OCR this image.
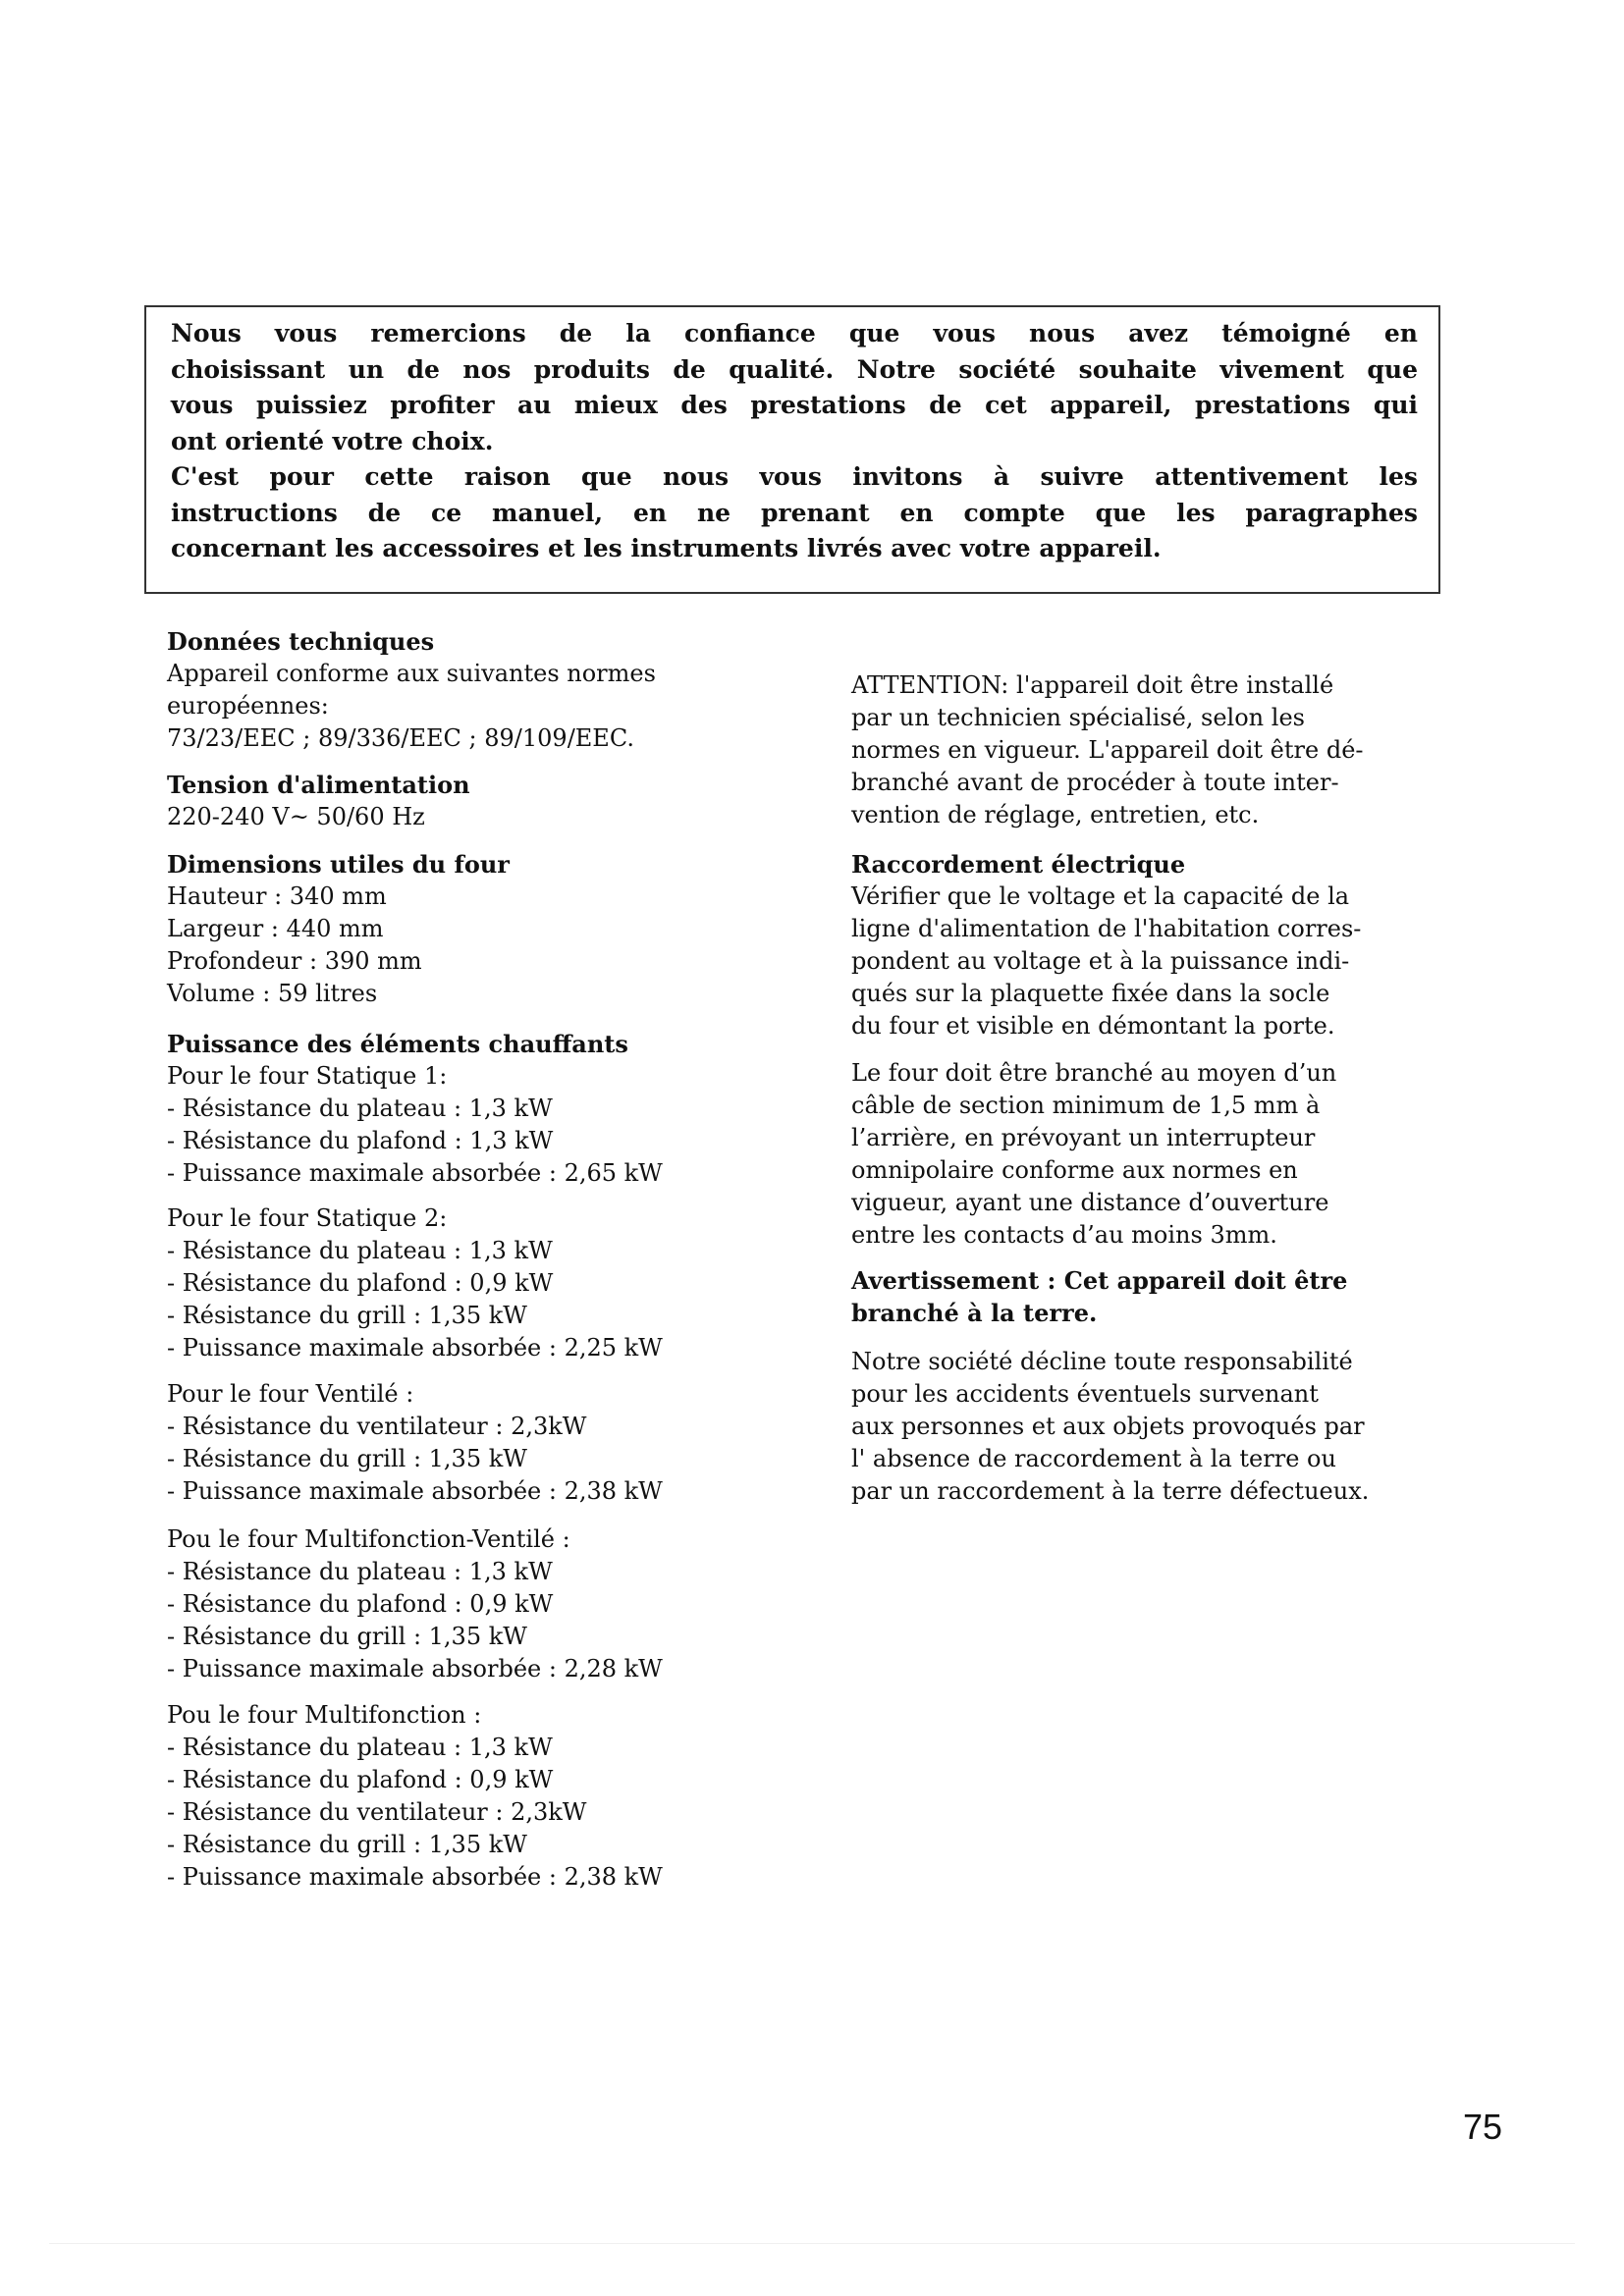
Nous vous remercions de la confiance que vous nous avez témoigné en
choisissant un de nos produits de qualité. Notre société souhaite vivement que
vous puissiez profiter au mieux des prestations de cet appareil, prestations qui
ont orienté votre choix.
C'est pour cette raison que nous vous invitons à suivre attentivement les
instructions de ce manuel, en ne prenant en compte que les paragraphes
concernant les accessoires et les instruments livrés avec votre appareil.
Données techniques
Appareil conforme aux suivantes normes
européennes:
73/23/EEC ; 89/336/EEC ; 89/109/EEC.
Tension d'alimentation
220-240 V~ 50/60 Hz
Dimensions utiles du four
Hauteur : 340 mm
Largeur : 440 mm
Profondeur : 390 mm
Volume : 59 litres
Puissance des éléments chauffants
Pour le four Statique 1:
- Résistance du plateau : 1,3 kW
- Résistance du plafond : 1,3 kW
- Puissance maximale absorbée : 2,65 kW
Pour le four Statique 2:
- Résistance du plateau : 1,3 kW
- Résistance du plafond : 0,9 kW
- Résistance du grill : 1,35 kW
- Puissance maximale absorbée : 2,25 kW
Pour le four Ventilé :
- Résistance du ventilateur : 2,3kW
- Résistance du grill : 1,35 kW
- Puissance maximale absorbée : 2,38 kW
Pou le four Multifonction-Ventilé :
- Résistance du plateau : 1,3 kW
- Résistance du plafond : 0,9 kW
- Résistance du grill : 1,35 kW
- Puissance maximale absorbée : 2,28 kW
Pou le four Multifonction :
- Résistance du plateau : 1,3 kW
- Résistance du plafond : 0,9 kW
- Résistance du ventilateur : 2,3kW
- Résistance du grill : 1,35 kW
- Puissance maximale absorbée : 2,38 kW
ATTENTION: l'appareil doit être installé
par un technicien spécialisé, selon les
normes en vigueur. L'appareil doit être dé-
branché avant de procéder à toute inter-
vention de réglage, entretien, etc.
Raccordement électrique
Vérifier que le voltage et la capacité de la
ligne d'alimentation de l'habitation corres-
pondent au voltage et à la puissance indi-
qués sur la plaquette fixée dans la socle
du four et visible en démontant la porte.
Le four doit être branché au moyen d’un
câble de section minimum de 1,5 mm à
l’arrière, en prévoyant un interrupteur
omnipolaire conforme aux normes en
vigueur, ayant une distance d’ouverture
entre les contacts d’au moins 3mm.
Avertissement : Cet appareil doit être
branché à la terre.
Notre société décline toute responsabilité
pour les accidents éventuels survenant
aux personnes et aux objets provoqués par
l' absence de raccordement à la terre ou
par un raccordement à la terre défectueux.
75
